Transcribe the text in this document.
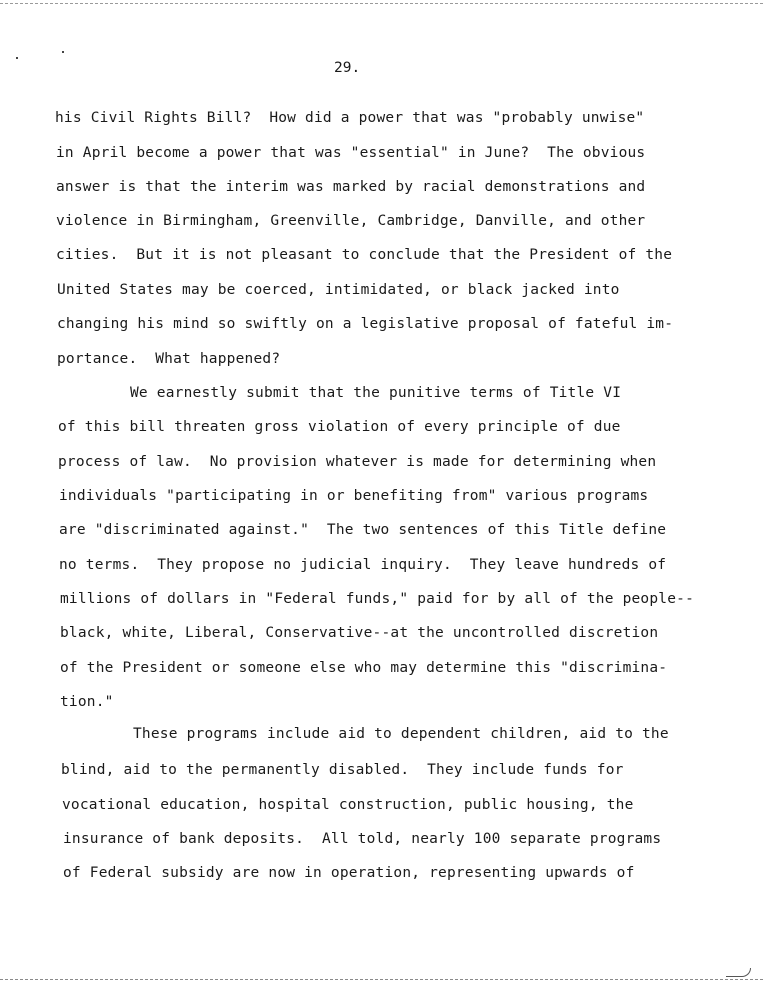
29.
his Civil Rights Bill?  How did a power that was "probably unwise"
in April become a power that was "essential" in June?  The obvious
answer is that the interim was marked by racial demonstrations and
violence in Birmingham, Greenville, Cambridge, Danville, and other
cities.  But it is not pleasant to conclude that the President of the
United States may be coerced, intimidated, or black jacked into
changing his mind so swiftly on a legislative proposal of fateful im-
portance.  What happened?
We earnestly submit that the punitive terms of Title VI
of this bill threaten gross violation of every principle of due
process of law.  No provision whatever is made for determining when
individuals "participating in or benefiting from" various programs
are "discriminated against."  The two sentences of this Title define
no terms.  They propose no judicial inquiry.  They leave hundreds of
millions of dollars in "Federal funds," paid for by all of the people--
black, white, Liberal, Conservative--at the uncontrolled discretion
of the President or someone else who may determine this "discrimina-
tion."
These programs include aid to dependent children, aid to the
blind, aid to the permanently disabled.  They include funds for
vocational education, hospital construction, public housing, the
insurance of bank deposits.  All told, nearly 100 separate programs
of Federal subsidy are now in operation, representing upwards of
